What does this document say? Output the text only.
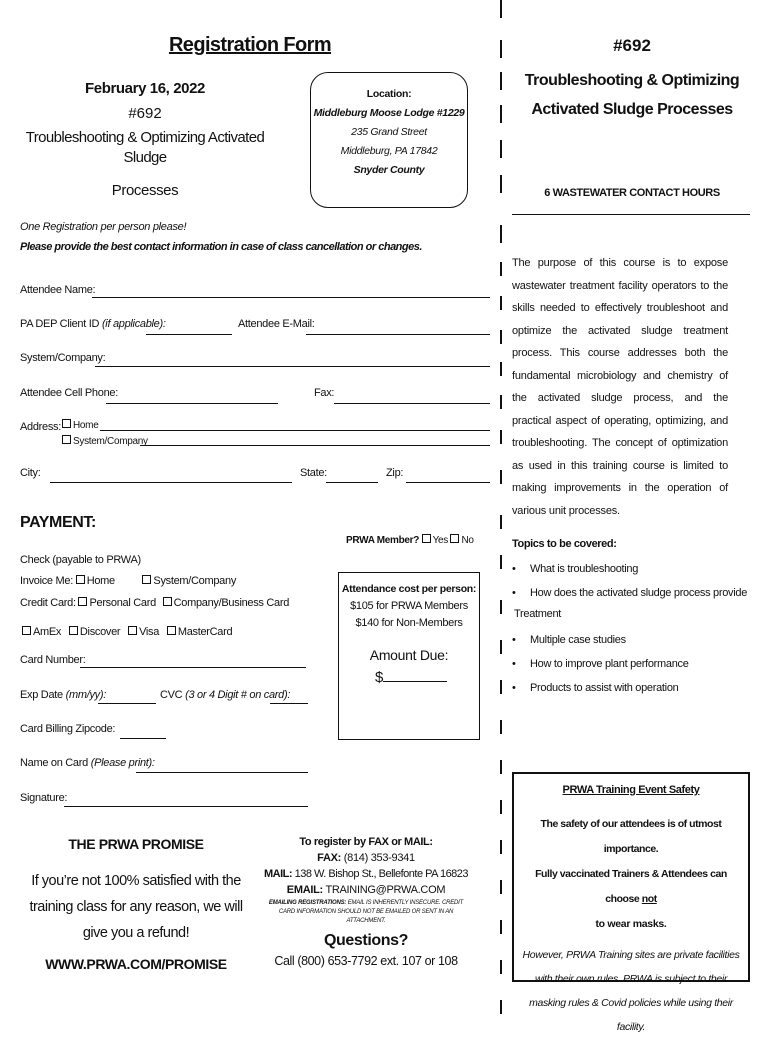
Registration Form
February 16, 2022
#692
Troubleshooting & Optimizing Activated Sludge
Processes
Location:
Middleburg Moose Lodge #1229
235 Grand Street
Middleburg, PA 17842
Snyder County
One Registration per person please!
Please provide the best contact information in case of class cancellation or changes.
Attendee Name:
PA DEP Client ID (if applicable):	Attendee E-Mail:
System/Company:
Attendee Cell Phone:	Fax:
Address:	Home
System/Company
City:	State:	Zip:
PAYMENT:
PRWA Member? Yes No
Check (payable to PRWA)
Invoice Me: Home	System/Company
Credit Card: Personal Card Company/Business Card
AmEx Discover Visa MasterCard
Card Number:
Exp Date (mm/yy):	CVC (3 or 4 Digit # on card):
Card Billing Zipcode:
Name on Card (Please print):
Signature:
Attendance cost per person:
$105 for PRWA Members
$140 for Non-Members
Amount Due:
$
THE PRWA PROMISE
If you’re not 100% satisfied with the training class for any reason, we will give you a refund!
WWW.PRWA.COM/PROMISE
To register by FAX or MAIL:
FAX: (814) 353-9341
MAIL: 138 W. Bishop St., Bellefonte PA 16823
EMAIL: TRAINING@PRWA.COM
EMAILING REGISTRATIONS: EMAIL IS INHERENTLY INSECURE. CREDIT CARD INFORMATION SHOULD NOT BE EMAILED OR SENT IN AN ATTACHMENT.
Questions?
Call (800) 653-7792 ext. 107 or 108
#692
Troubleshooting & Optimizing
Activated Sludge Processes
6 WASTEWATER CONTACT HOURS
The purpose of this course is to expose wastewater treatment facility operators to the skills needed to effectively troubleshoot and optimize the activated sludge treatment process. This course addresses both the fundamental microbiology and chemistry of the activated sludge process, and the practical aspect of operating, optimizing, and troubleshooting. The concept of optimization as used in this training course is limited to making improvements in the operation of various unit processes.
Topics to be covered:
• What is troubleshooting
• How does the activated sludge process provide
Treatment
• Multiple case studies
• How to improve plant performance
• Products to assist with operation
PRWA Training Event Safety
The safety of our attendees is of utmost importance.
Fully vaccinated Trainers & Attendees can choose not
to wear masks.
However, PRWA Training sites are private facilities with their own rules. PRWA is subject to their masking rules & Covid policies while using their facility.
